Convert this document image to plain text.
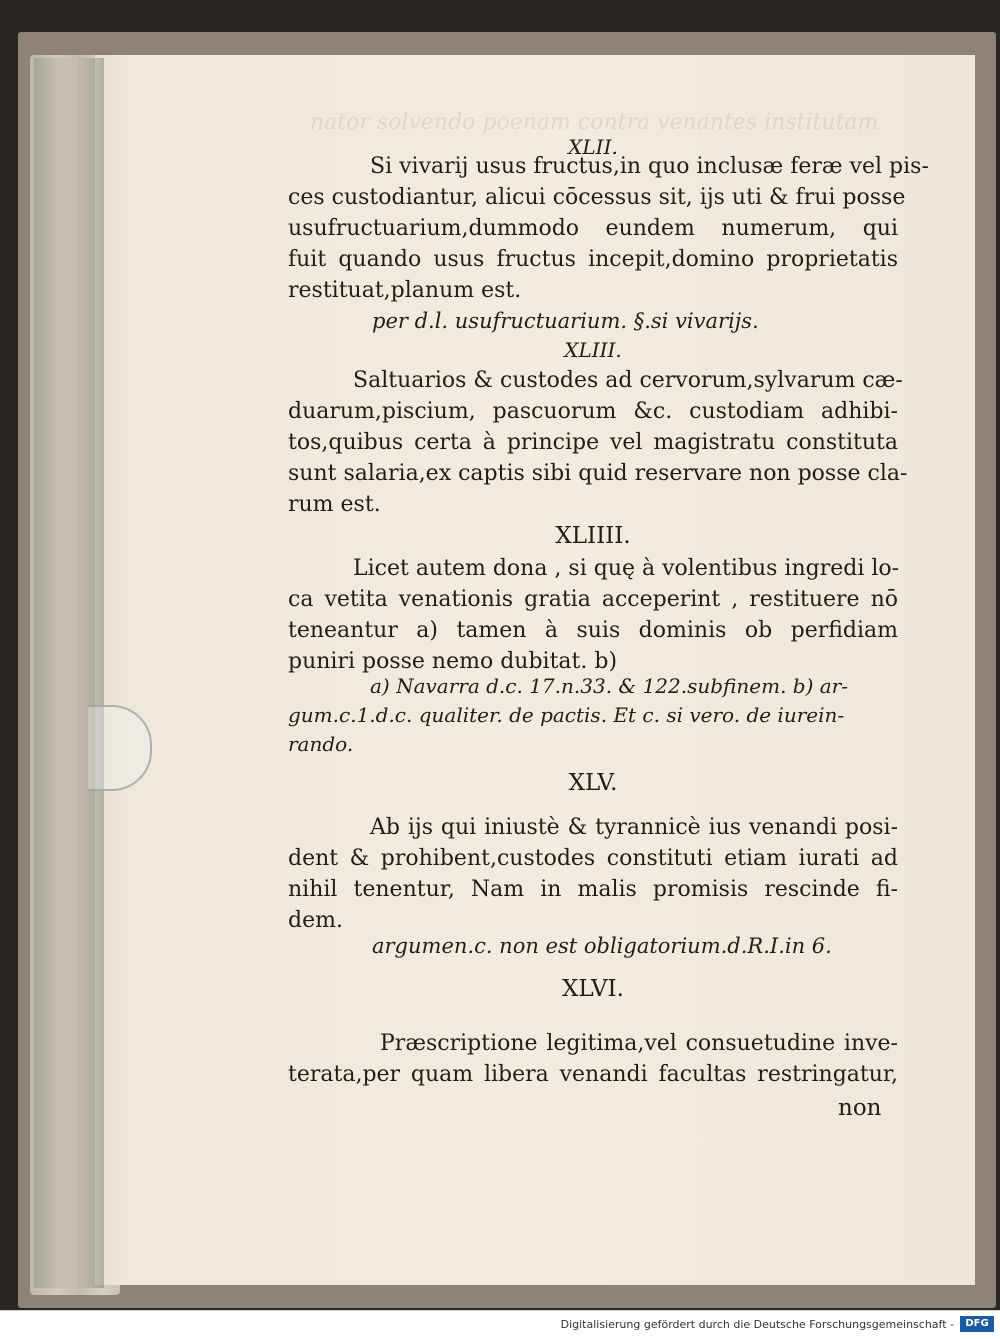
nator solvendo poenam contra venantes institutam
XLII.
Si vivarij usus fructus,in quo inclusæ feræ vel pis-
ces custodiantur, alicui cōcessus sit, ijs uti & frui posse
usufructuarium,dummodo eundem numerum, qui
fuit quando usus fructus incepit,domino proprietatis
restituat,planum est.
per d.l. usufructuarium. §.si vivariјs.
XLIII.
Saltuarios & custodes ad cervorum,sylvarum cæ-
duarum,piscium, pascuorum &c. custodiam adhibi-
tos,quibus certa à principe vel magistratu constituta
sunt salaria,ex captis sibi quid reservare non posse cla-
rum est.
XLIIII.
Licet autem dona , si quę à volentibus ingredi lo-
ca vetita venationis gratia acceperint , restituere nō
teneantur a) tamen à suis dominis ob perfidiam
puniri posse nemo dubitat. b)
a) Navarra d.c. 17.n.33. & 122.subfinem. b) ar-
gum.c.1.d.c. qualiter. de pactis. Et c. si vero. de iurein-
rando.
XLV.
Ab ijs qui iniustè & tyrannicè ius venandi posi-
dent & prohibent,custodes constituti etiam iurati ad
nihil tenentur, Nam in malis promisis rescinde fi-
dem.
argumen.c. non est obligatorium.d.R.I.in 6.
XLVI.
Præscriptione legitima,vel consuetudine inve-
terata,per quam libera venandi facultas restringatur,
non
Digitalisierung gefördert durch die Deutsche Forschungsgemeinschaft -	DFG
